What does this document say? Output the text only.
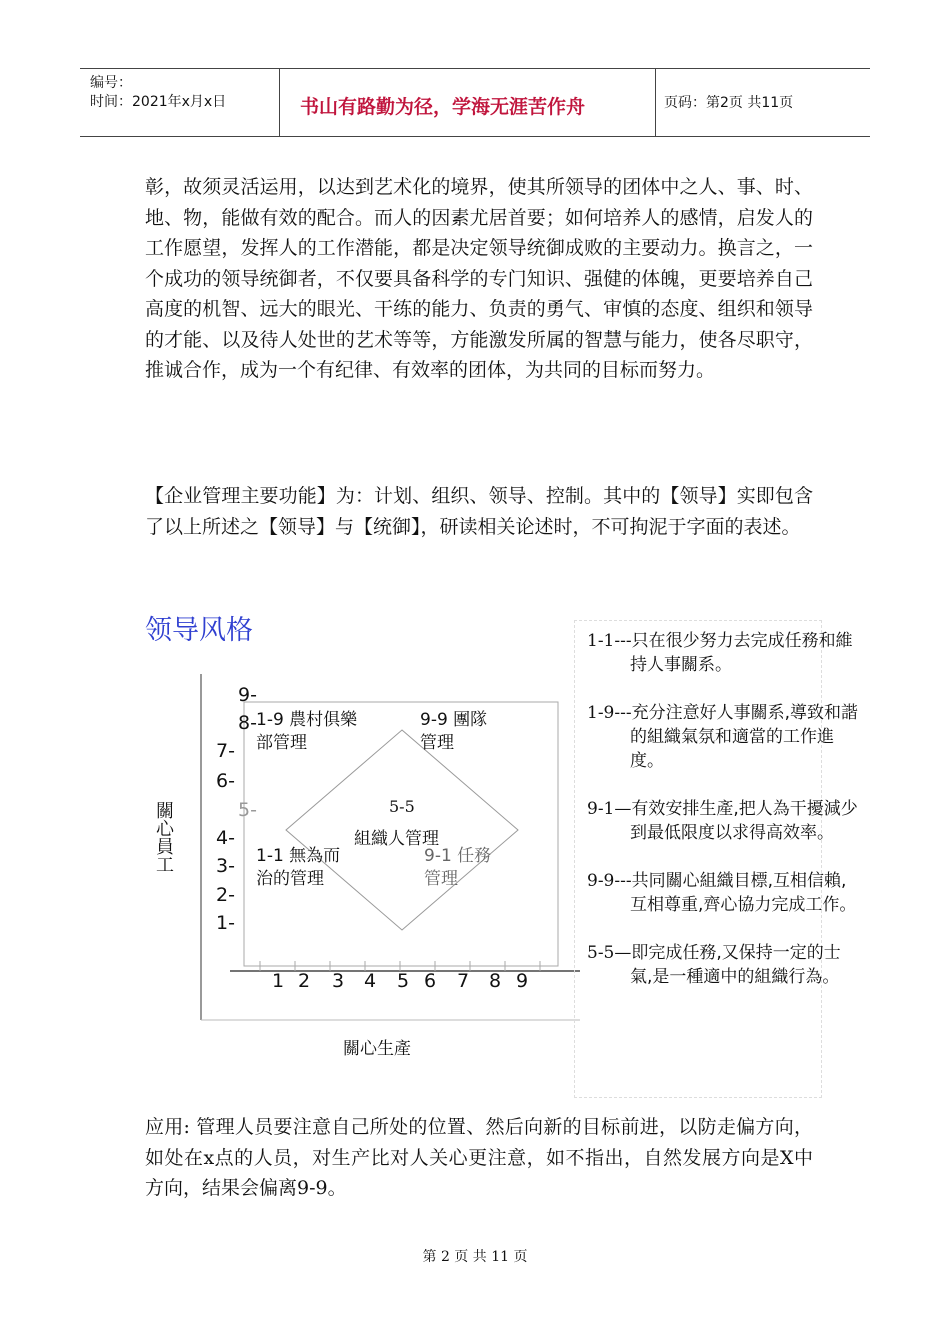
编号：
时间：2021年x月x日	书山有路勤为径，学海无涯苦作舟	页码：第2页 共11页
彰，故须灵活运用，以达到艺术化的境界，使其所领导的团体中之人、事、时、地、物，能做有效的配合。而人的因素尤居首要；如何培养人的感情，启发人的工作愿望，发挥人的工作潜能，都是决定领导统御成败的主要动力。换言之，一个成功的领导统御者，不仅要具备科学的专门知识、强健的体魄，更要培养自己高度的机智、远大的眼光、干练的能力、负责的勇气、审慎的态度、组织和领导的才能、以及待人处世的艺术等等，方能激发所属的智慧与能力，使各尽职守，推诚合作，成为一个有纪律、有效率的团体，为共同的目标而努力。
【企业管理主要功能】为：计划、组织、领导、控制。其中的【领导】实即包含了以上所述之【领导】与【统御】，研读相关论述时，不可拘泥于字面的表述。
领导风格
關心員工
9-
8-
7-
6-
5-
4-
3-
2-
1-
1 2 3 4 5 6 7 8 9
1-9 農村俱樂部管理
9-9 團隊管理
5-5
組織人管理
1-1 無為而治的管理
9-1 任務管理
關心生產
1-1---只在很少努力去完成任務和維持人事關系。
1-9---充分注意好人事關系,導致和諧的組織氣氛和適當的工作進度。
9-1—有效安排生產,把人為干擾減少到最低限度以求得高效率。
9-9---共同關心組織目標,互相信賴,互相尊重,齊心協力完成工作。
5-5—即完成任務,又保持一定的士氣,是一種適中的組織行為。
应用: 管理人员要注意自己所处的位置、然后向新的目标前进，以防走偏方向，如处在x点的人员，对生产比对人关心更注意，如不指出，自然发展方向是X中方向，结果会偏离9-9。
第 2 页 共 11 页
